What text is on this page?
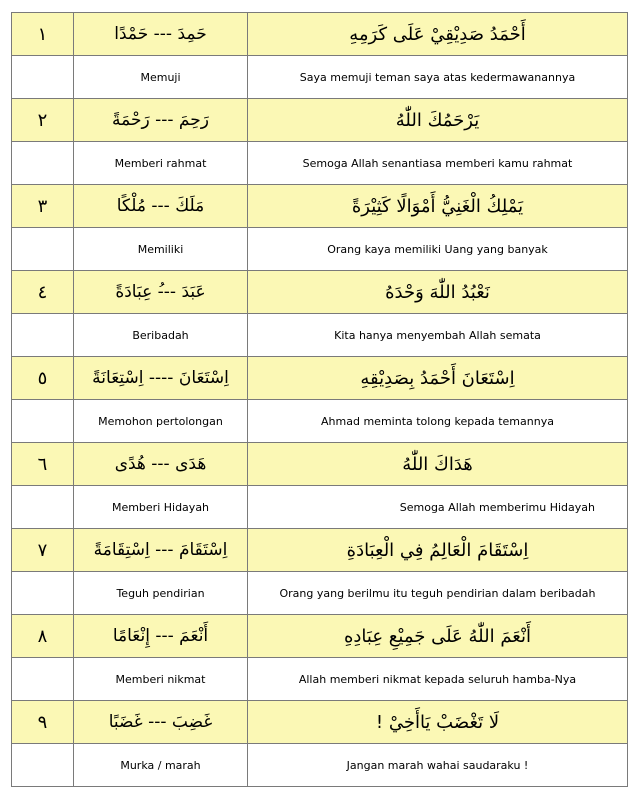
١	حَمِدَ --- حَمْدًا	أَحْمَدُ صَدِيْقِيْ عَلَى كَرَمِهِ
	Memuji	Saya memuji teman saya atas kedermawanannya
٢	رَحِمَ --- رَحْمَةً	يَرْحَمُكَ اللّٰهُ
	Memberi rahmat	Semoga Allah senantiasa memberi kamu rahmat
٣	مَلَكَ --- مُلْكًا	يَمْلِكُ الْغَنِيُّ أَمْوَالًا كَثِيْرَةً
	Memiliki	Orang kaya memiliki Uang yang banyak
٤	عَبَدَ ---ُ عِبَادَةً	نَعْبُدُ اللّٰهَ وَحْدَهُ
	Beribadah	Kita hanya menyembah Allah semata
٥	اِسْتَعَانَ ---- اِسْتِعَانَةً	اِسْتَعَانَ أَحْمَدُ بِصَدِيْقِهِ
	Memohon pertolongan	Ahmad meminta tolong kepada temannya
٦	هَدَى --- هُدًى	هَدَاكَ اللّٰهُ
	Memberi Hidayah	Semoga Allah memberimu Hidayah
٧	اِسْتَقَامَ --- اِسْتِقَامَةً	اِسْتَقَامَ الْعَالِمُ فِي الْعِبَادَةِ
	Teguh pendirian	Orang yang berilmu itu teguh pendirian dalam beribadah
٨	أَنْعَمَ --- إِنْعَامًا	أَنْعَمَ اللّٰهُ عَلَى جَمِيْعِ عِبَادِهِ
	Memberi nikmat	Allah memberi nikmat kepada seluruh hamba-Nya
٩	غَضِبَ --- غَضَبًا	لَا تَغْضَبْ يَاأَخِيْ !
	Murka / marah	Jangan marah wahai saudaraku !
